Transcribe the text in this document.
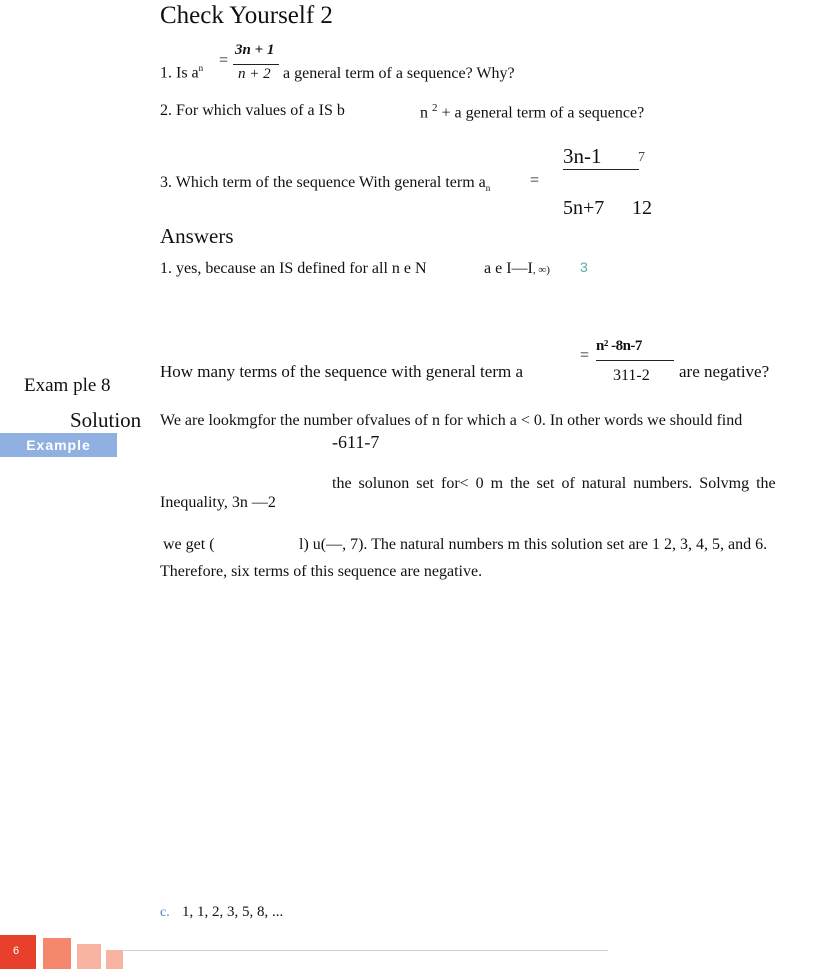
Check Yourself 2
1. Is $a^n$ =
3n + 1
n + 2 a general term of a sequence? Why?
2. For which values of a IS b	n $^2$ + a general term of a sequence?
3n-1	7
3. Which term of the sequence With general term $a_n$ =
5n+7 12
Answers
1. yes, because an IS defined for all n e N	a e I—I, ∞) 3
Exam ple 8
How many terms of the sequence with general term a
=
n² -8n-7
311-2 are negative?
Solution
Example
We are lookmgfor the number ofvalues of n for which a < 0. In other words we should find
-611-7
the solunon set for< 0 m the set of natural numbers. Solvmg the
Inequality, 3n —2
we get (	l) u(—, 7). The natural numbers m this solution set are 1 2, 3, 4, 5, and 6.
Therefore, six terms of this sequence are negative.
c. 1, 1, 2, 3, 5, 8, ...
6
